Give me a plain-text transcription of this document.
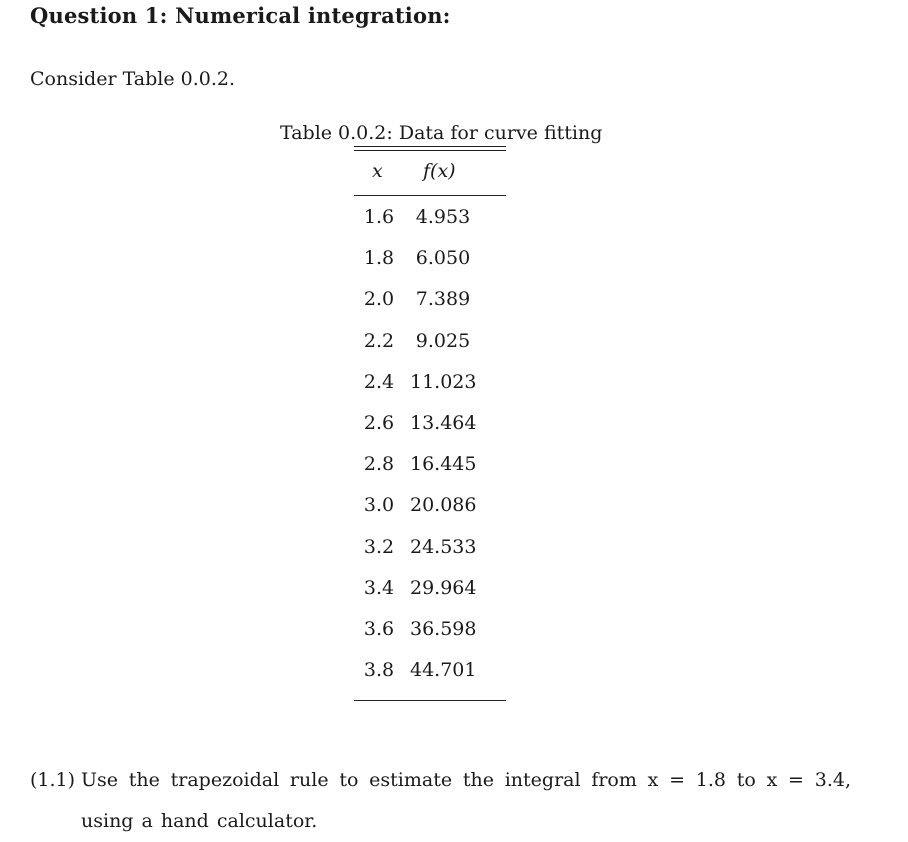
Question 1: Numerical integration:
Consider Table 0.0.2.
Table 0.0.2: Data for curve fitting
x f(x)
1.6	4.953
1.8	6.050
2.0	7.389
2.2	9.025
2.4 11.023
2.6 13.464
2.8 16.445
3.0 20.086
3.2 24.533
3.4 29.964
3.6 36.598
3.8 44.701
(1.1) Use the trapezoidal rule to estimate the integral from x = 1.8 to x = 3.4, using a hand calculator.
